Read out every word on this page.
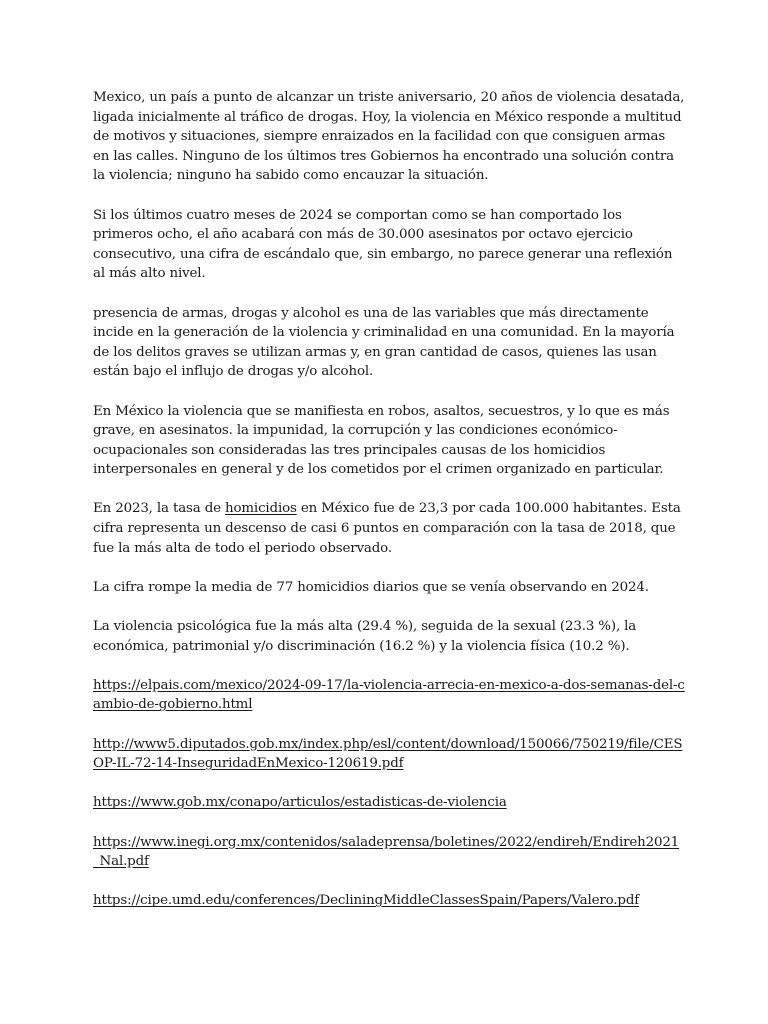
Mexico, un país a punto de alcanzar un triste aniversario, 20 años de violencia desatada, ligada inicialmente al tráfico de drogas. Hoy, la violencia en México responde a multitud de motivos y situaciones, siempre enraizados en la facilidad con que consiguen armas en las calles. Ninguno de los últimos tres Gobiernos ha encontrado una solución contra la violencia; ninguno ha sabido como encauzar la situación.

Si los últimos cuatro meses de 2024 se comportan como se han comportado los primeros ocho, el año acabará con más de 30.000 asesinatos por octavo ejercicio consecutivo, una cifra de escándalo que, sin embargo, no parece generar una reflexión al más alto nivel.

presencia de armas, drogas y alcohol es una de las variables que más directamente incide en la generación de la violencia y criminalidad en una comunidad. En la mayoría de los delitos graves se utilizan armas y, en gran cantidad de casos, quienes las usan están bajo el influjo de drogas y/o alcohol.

En México la violencia que se manifiesta en robos, asaltos, secuestros, y lo que es más grave, en asesinatos. la impunidad, la corrupción y las condiciones económico-ocupacionales son consideradas las tres principales causas de los homicidios interpersonales en general y de los cometidos por el crimen organizado en particular.

En 2023, la tasa de homicidios en México fue de 23,3 por cada 100.000 habitantes. Esta cifra representa un descenso de casi 6 puntos en comparación con la tasa de 2018, que fue la más alta de todo el periodo observado.

La cifra rompe la media de 77 homicidios diarios que se venía observando en 2024.

La violencia psicológica fue la más alta (29.4 %), seguida de la sexual (23.3 %), la económica, patrimonial y/o discriminación (16.2 %) y la violencia física (10.2 %).

https://elpais.com/mexico/2024-09-17/la-violencia-arrecia-en-mexico-a-dos-semanas-del-cambio-de-gobierno.html

http://www5.diputados.gob.mx/index.php/esl/content/download/150066/750219/file/CESOP-IL-72-14-InseguridadEnMexico-120619.pdf

https://www.gob.mx/conapo/articulos/estadisticas-de-violencia

https://www.inegi.org.mx/contenidos/saladeprensa/boletines/2022/endireh/Endireh2021_Nal.pdf

https://cipe.umd.edu/conferences/DecliningMiddleClassesSpain/Papers/Valero.pdf
